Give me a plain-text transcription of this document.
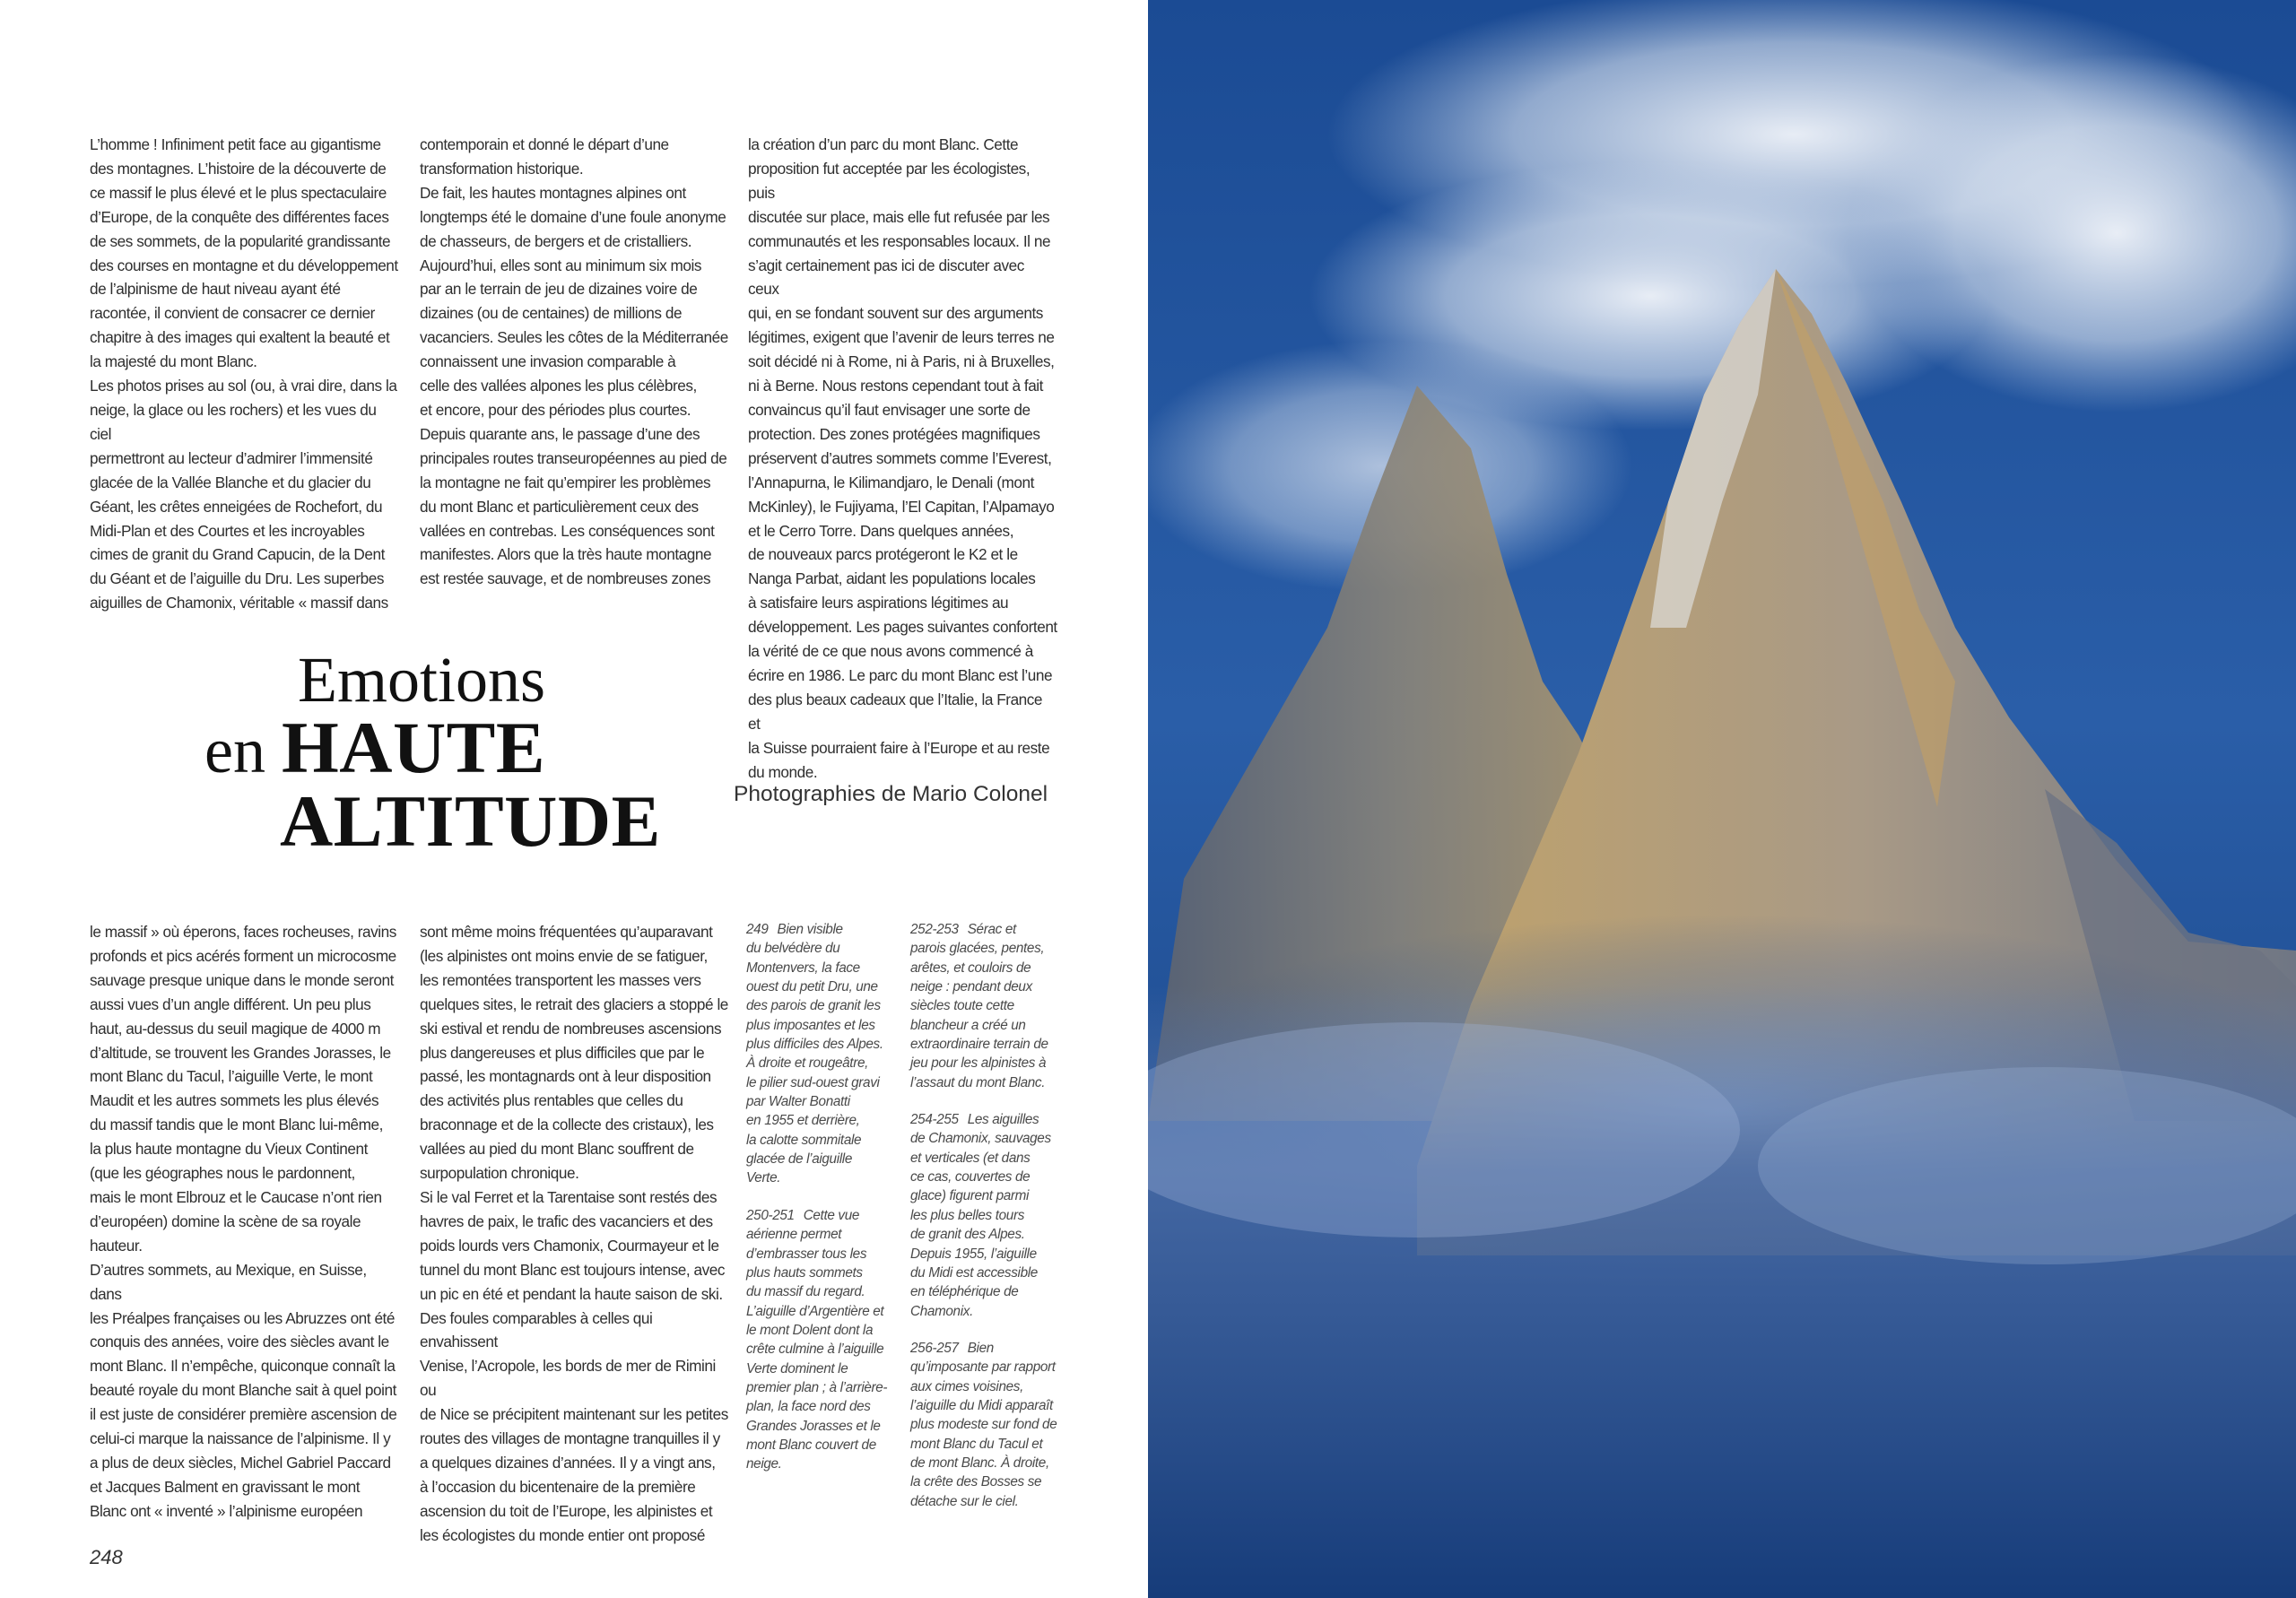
L’homme ! Infiniment petit face au gigantisme

des montagnes. L’histoire de la découverte de

ce massif le plus élevé et le plus spectaculaire

d’Europe, de la conquête des différentes faces

de ses sommets, de la popularité grandissante

des courses en montagne et du développement

de l’alpinisme de haut niveau ayant été

racontée, il convient de consacrer ce dernier

chapitre à des images qui exaltent la beauté et

la majesté du mont Blanc.

Les photos prises au sol (ou, à vrai dire, dans la

neige, la glace ou les rochers) et les vues du ciel

permettront au lecteur d’admirer l’immensité

glacée de la Vallée Blanche et du glacier du

Géant, les crêtes enneigées de Rochefort, du

Midi-Plan et des Courtes et les incroyables

cimes de granit du Grand Capucin, de la Dent

du Géant et de l’aiguille du Dru. Les superbes

aiguilles de Chamonix, véritable « massif dans

contemporain et donné le départ d’une

transformation historique.

De fait, les hautes montagnes alpines ont

longtemps été le domaine d’une foule anonyme

de chasseurs, de bergers et de cristalliers.

Aujourd’hui, elles sont au minimum six mois

par an le terrain de jeu de dizaines voire de

dizaines (ou de centaines) de millions de

vacanciers. Seules les côtes de la Méditerranée

connaissent une invasion comparable à

celle des vallées alpones les plus célèbres,

et encore, pour des périodes plus courtes.

Depuis quarante ans, le passage d’une des

principales routes transeuropéennes au pied de

la montagne ne fait qu’empirer les problèmes

du mont Blanc et particulièrement ceux des

vallées en contrebas. Les conséquences sont

manifestes. Alors que la très haute montagne

est restée sauvage, et de nombreuses zones

la création d’un parc du mont Blanc. Cette

proposition fut acceptée par les écologistes, puis

discutée sur place, mais elle fut refusée par les

communautés et les responsables locaux. Il ne

s’agit certainement pas ici de discuter avec ceux

qui, en se fondant souvent sur des arguments

légitimes, exigent que l’avenir de leurs terres ne

soit décidé ni à Rome, ni à Paris, ni à Bruxelles,

ni à Berne. Nous restons cependant tout à fait

convaincus qu’il faut envisager une sorte de

protection. Des zones protégées magnifiques

préservent d’autres sommets comme l’Everest,

l’Annapurna, le Kilimandjaro, le Denali (mont

McKinley), le Fujiyama, l’El Capitan, l’Alpamayo

et le Cerro Torre. Dans quelques années,

de nouveaux parcs protégeront le K2 et le

Nanga Parbat, aidant les populations locales

à satisfaire leurs aspirations légitimes au

développement. Les pages suivantes confortent

la vérité de ce que nous avons commencé à

écrire en 1986. Le parc du mont Blanc est l’une

des plus beaux cadeaux que l’Italie, la France et

la Suisse pourraient faire à l’Europe et au reste

du monde.

Emotions
en HAUTE
ALTITUDE	Photographies de Mario Colonel

le massif » où éperons, faces rocheuses, ravins

profonds et pics acérés forment un microcosme

sauvage presque unique dans le monde seront

aussi vues d’un angle différent. Un peu plus

haut, au-dessus du seuil magique de 4000 m

d’altitude, se trouvent les Grandes Jorasses, le

mont Blanc du Tacul, l’aiguille Verte, le mont

Maudit et les autres sommets les plus élevés

du massif tandis que le mont Blanc lui-même,

la plus haute montagne du Vieux Continent

(que les géographes nous le pardonnent,

mais le mont Elbrouz et le Caucase n’ont rien

d’européen) domine la scène de sa royale

hauteur.

D’autres sommets, au Mexique, en Suisse, dans

les Préalpes françaises ou les Abruzzes ont été

conquis des années, voire des siècles avant le

mont Blanc. Il n’empêche, quiconque connaît la

beauté royale du mont Blanche sait à quel point

il est juste de considérer première ascension de

celui-ci marque la naissance de l’alpinisme. Il y

a plus de deux siècles, Michel Gabriel Paccard

et Jacques Balment en gravissant le mont

Blanc ont « inventé » l’alpinisme européen

sont même moins fréquentées qu’auparavant

(les alpinistes ont moins envie de se fatiguer,

les remontées transportent les masses vers

quelques sites, le retrait des glaciers a stoppé le

ski estival et rendu de nombreuses ascensions

plus dangereuses et plus difficiles que par le

passé, les montagnards ont à leur disposition

des activités plus rentables que celles du

braconnage et de la collecte des cristaux), les

vallées au pied du mont Blanc souffrent de

surpopulation chronique.

Si le val Ferret et la Tarentaise sont restés des

havres de paix, le trafic des vacanciers et des

poids lourds vers Chamonix, Courmayeur et le

tunnel du mont Blanc est toujours intense, avec

un pic en été et pendant la haute saison de ski.

Des foules comparables à celles qui envahissent

Venise, l’Acropole, les bords de mer de Rimini ou

de Nice se précipitent maintenant sur les petites

routes des villages de montagne tranquilles il y

a quelques dizaines d’années. Il y a vingt ans,

à l’occasion du bicentenaire de la première

ascension du toit de l’Europe, les alpinistes et

les écologistes du monde entier ont proposé

249 Bien visible
du belvédère du
Montenvers, la face
ouest du petit Dru, une
des parois de granit les
plus imposantes et les
plus difficiles des Alpes.
À droite et rougeâtre,
le pilier sud-ouest gravi
par Walter Bonatti
en 1955 et derrière,
la calotte sommitale
glacée de l’aiguille
Verte.

250-251 Cette vue
aérienne permet
d’embrasser tous les
plus hauts sommets
du massif du regard.
L’aiguille d’Argentière et
le mont Dolent dont la
crête culmine à l’aiguille
Verte dominent le
premier plan ; à l’arrière-
plan, la face nord des
Grandes Jorasses et le
mont Blanc couvert de
neige.

252-253 Sérac et
parois glacées, pentes,
arêtes, et couloirs de
neige : pendant deux
siècles toute cette
blancheur a créé un
extraordinaire terrain de
jeu pour les alpinistes à
l’assaut du mont Blanc.

254-255 Les aiguilles
de Chamonix, sauvages
et verticales (et dans
ce cas, couvertes de
glace) figurent parmi
les plus belles tours
de granit des Alpes.
Depuis 1955, l’aiguille
du Midi est accessible
en téléphérique de
Chamonix.

256-257 Bien
qu’imposante par rapport
aux cimes voisines,
l’aiguille du Midi apparaît
plus modeste sur fond de
mont Blanc du Tacul et
de mont Blanc. À droite,
la crête des Bosses se
détache sur le ciel.

248
